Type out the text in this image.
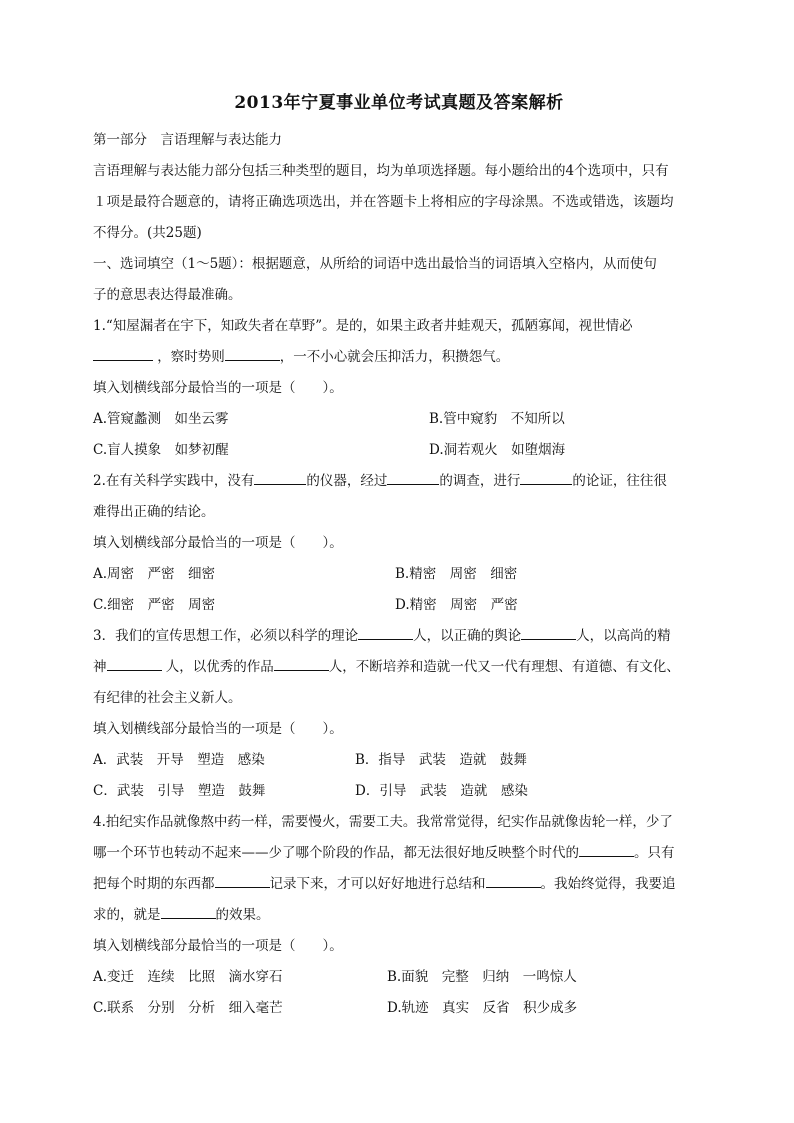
2013年宁夏事业单位考试真题及答案解析
第一部分　言语理解与表达能力
言语理解与表达能力部分包括三种类型的题目，均为单项选择题。每小题给出的4个选项中，只有
１项是最符合题意的，请将正确选项选出，并在答题卡上将相应的字母涂黑。不选或错选，该题均
不得分。(共25题)
一、选词填空（1～5题）：根据题意，从所给的词语中选出最恰当的词语填入空格内，从而使句
子的意思表达得最准确。
1.“知屋漏者在宇下，知政失者在草野”。是的，如果主政者井蛙观天，孤陋寡闻，视世情必
，察时势则	，一不小心就会压抑活力，积攒怨气。
填入划横线部分最恰当的一项是（　　）。
A.管窥蠡测　如坐云雾	B.管中窥豹　不知所以
C.盲人摸象　如梦初醒	D.洞若观火　如堕烟海
2.在有关科学实践中，没有	的仪器，经过	的调查，进行	的论证，往往很
难得出正确的结论。
填入划横线部分最恰当的一项是（　　）。
A.周密　严密　细密	B.精密　周密　细密
C.细密　严密　周密	D.精密　周密　严密
3．我们的宣传思想工作，必须以科学的理论	人，以正确的舆论	人，以高尚的精
神	人，以优秀的作品	人，不断培养和造就一代又一代有理想、有道德、有文化、
有纪律的社会主义新人。
填入划横线部分最恰当的一项是（　　）。
A．武装　开导　塑造　感染	B．指导　武装　造就　鼓舞
C．武装　引导　塑造　鼓舞	D．引导　武装　造就　感染
4.拍纪实作品就像熬中药一样，需要慢火，需要工夫。我常常觉得，纪实作品就像齿轮一样，少了
哪一个环节也转动不起来——少了哪个阶段的作品，都无法很好地反映整个时代的	。只有
把每个时期的东西都	记录下来，才可以好好地进行总结和	。我始终觉得，我要追
求的，就是	的效果。
填入划横线部分最恰当的一项是（　　）。
A.变迁　连续　比照　滴水穿石	B.面貌　完整　归纳　一鸣惊人
C.联系　分别　分析　细入毫芒	D.轨迹　真实　反省　积少成多
